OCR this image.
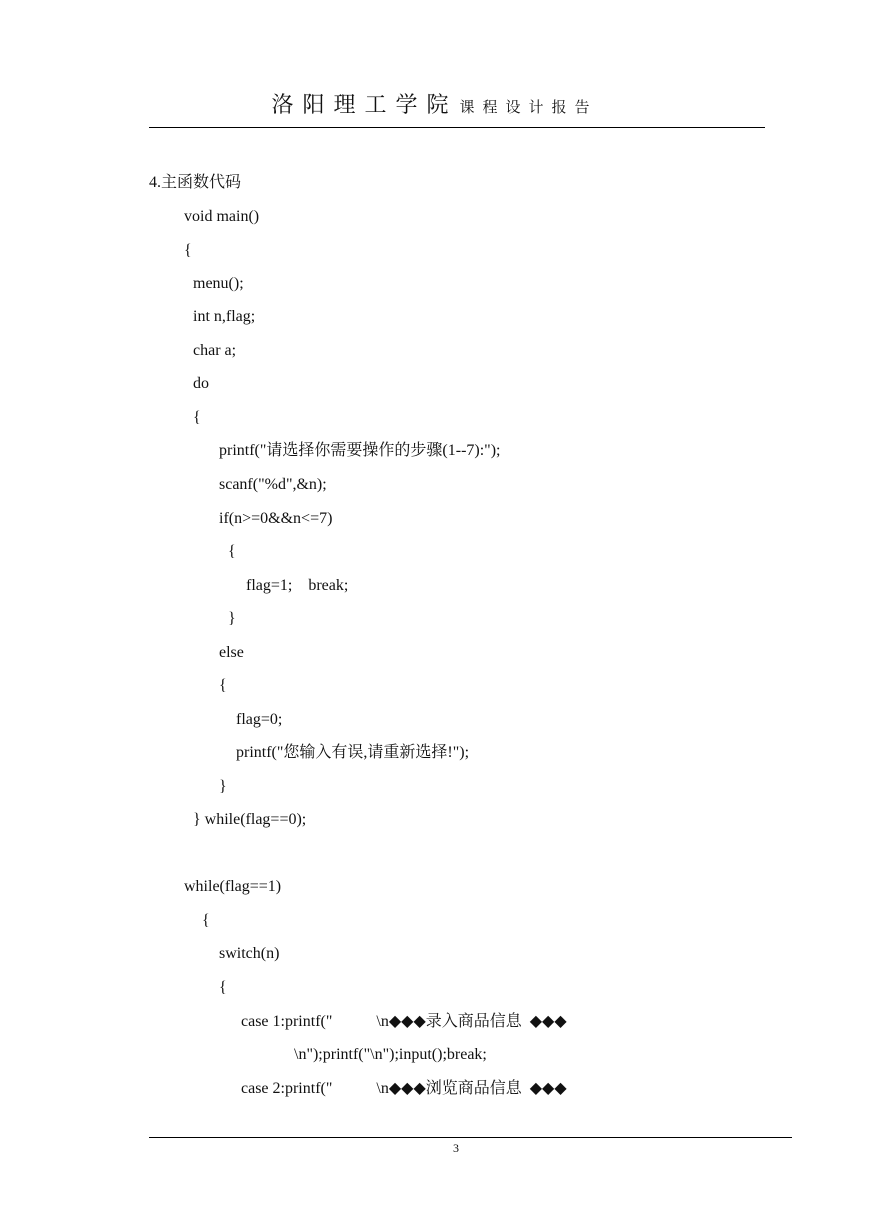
洛阳理工学院 课程设计报告
4.主函数代码
void main()
{
menu();
int n,flag;
char a;
do
{
printf("请选择你需要操作的步骤(1--7):");
scanf("%d",&n);
if(n>=0&&n<=7)
{
flag=1;    break;
}
else
{
flag=0;
printf("您输入有误,请重新选择!");
}
} while(flag==0);
while(flag==1)
{
switch(n)
{
case 1:printf("           \n◆◆◆录入商品信息  ◆◆◆
\n");printf("\n");input();break;
case 2:printf("           \n◆◆◆浏览商品信息  ◆◆◆
3
